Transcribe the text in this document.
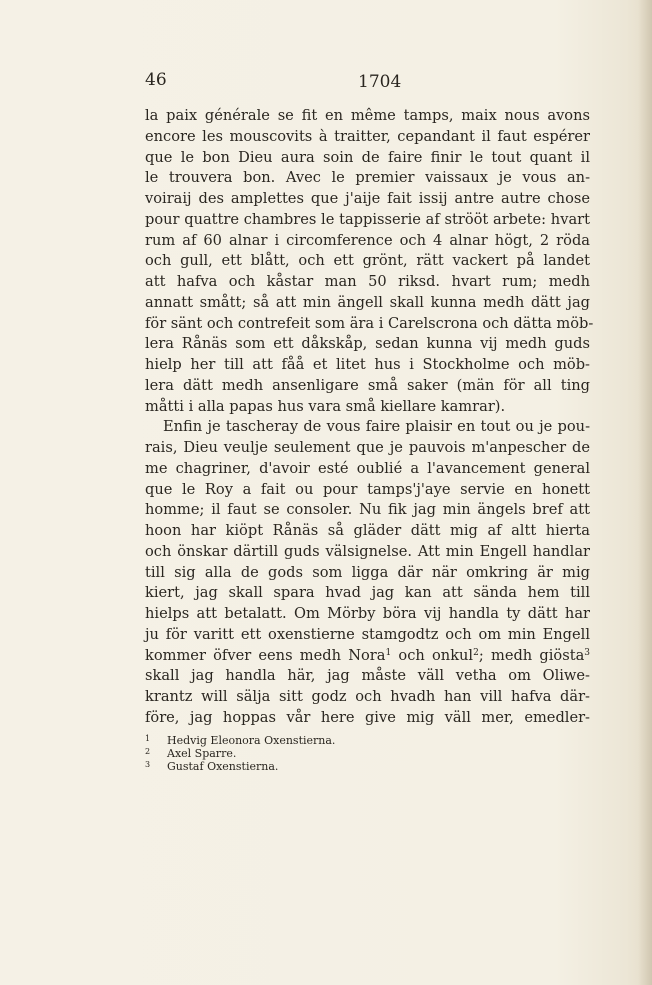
46	1704
la paix générale se fit en même tamps, maix nous avons
encore les mouscovits à traitter, cepandant il faut espérer
que le bon Dieu aura soin de faire finir le tout quant il
le trouvera bon. Avec le premier vaissaux je vous an-
voiraij des amplettes que j'aije fait issij antre autre chose
pour quattre chambres le tappisserie af strööt arbete: hvart
rum af 60 alnar i circomference och 4 alnar högt, 2 röda
och gull, ett blått, och ett grönt, rätt vackert på landet
att hafva och kåstar man 50 riksd. hvart rum; medh
annatt smått; så att min ängell skall kunna medh dätt jag
för sänt och contrefeit som ära i Carelscrona och dätta möb-
lera Rånäs som ett dåkskåp, sedan kunna vij medh guds
hielp her till att fåå et litet hus i Stockholme och möb-
lera dätt medh ansenligare små saker (män för all ting
måtti i alla papas hus vara små kiellare kamrar).
Enfin je tascheray de vous faire plaisir en tout ou je pou-
rais, Dieu veulje seulement que je pauvois m'anpescher de
me chagriner, d'avoir esté oublié a l'avancement general
que le Roy a fait ou pour tamps'j'aye servie en honett
homme; il faut se consoler. Nu fik jag min ängels bref att
hoon har kiöpt Rånäs så gläder dätt mig af altt hierta
och önskar därtill guds välsignelse. Att min Engell handlar
till sig alla de gods som ligga där när omkring är mig
kiert, jag skall spara hvad jag kan att sända hem till
hielps att betalatt. Om Mörby böra vij handla ty dätt har
ju för varitt ett oxenstierne stamgodtz och om min Engell
kommer öfver eens medh Nora$^1$ och onkul$^2$; medh giösta$^3$
skall jag handla här, jag måste väll vetha om Oliwe-
krantz will sälja sitt godz och hvadh han vill hafva där-
före, jag hoppas vår here give mig väll mer, emedler-
1 Hedvig Eleonora Oxenstierna.
2 Axel Sparre.
3 Gustaf Oxenstierna.
